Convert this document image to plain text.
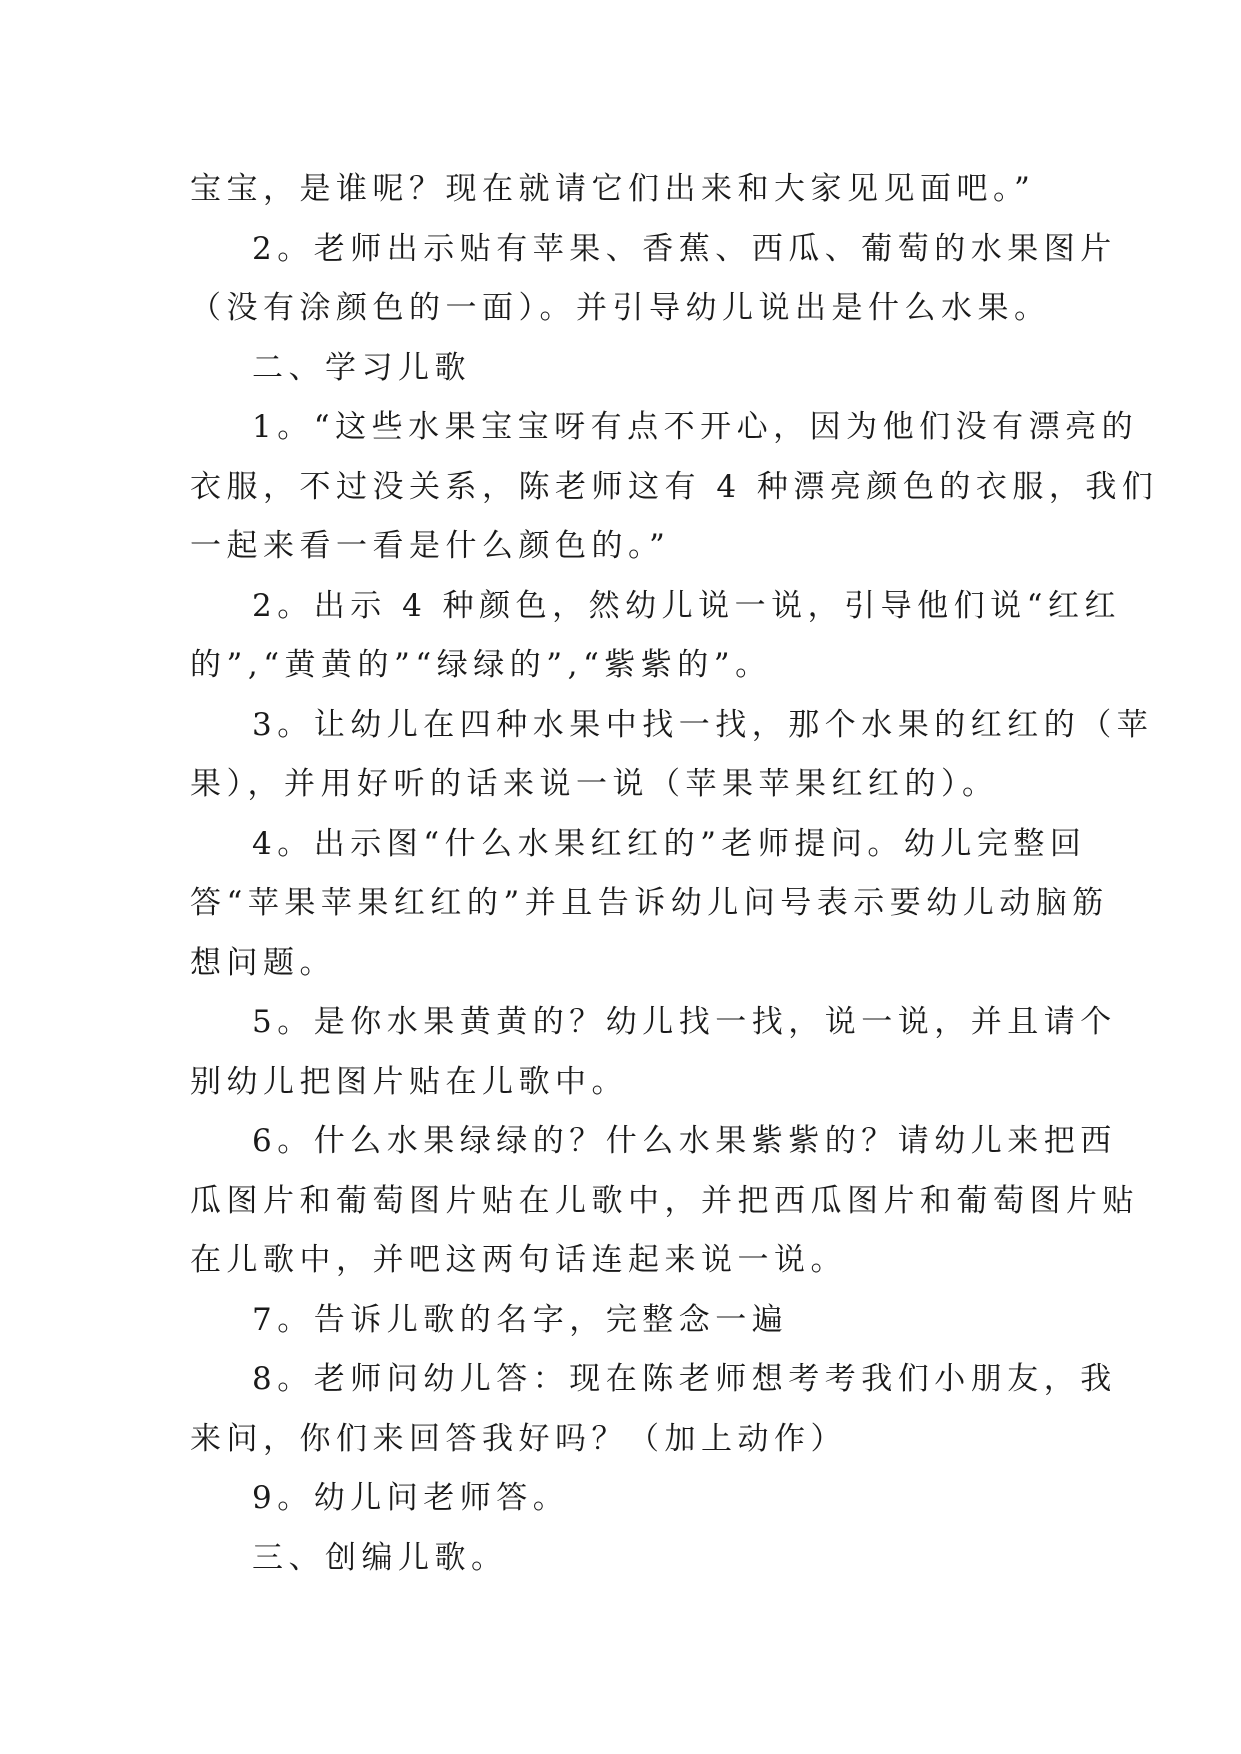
宝宝，是谁呢？现在就请它们出来和大家见见面吧。”
2。老师出示贴有苹果、香蕉、西瓜、葡萄的水果图片
（没有涂颜色的一面）。并引导幼儿说出是什么水果。
二、学习儿歌
1。“这些水果宝宝呀有点不开心，因为他们没有漂亮的
衣服，不过没关系，陈老师这有 4 种漂亮颜色的衣服，我们
一起来看一看是什么颜色的。”
2。出示 4 种颜色，然幼儿说一说，引导他们说“红红
的”,“黄黄的”“绿绿的”,“紫紫的”。
3。让幼儿在四种水果中找一找，那个水果的红红的（苹
果），并用好听的话来说一说（苹果苹果红红的）。
4。出示图“什么水果红红的”老师提问。幼儿完整回
答“苹果苹果红红的”并且告诉幼儿问号表示要幼儿动脑筋
想问题。
5。是你水果黄黄的？幼儿找一找，说一说，并且请个
别幼儿把图片贴在儿歌中。
6。什么水果绿绿的？什么水果紫紫的？请幼儿来把西
瓜图片和葡萄图片贴在儿歌中，并把西瓜图片和葡萄图片贴
在儿歌中，并吧这两句话连起来说一说。
7。告诉儿歌的名字，完整念一遍
8。老师问幼儿答：现在陈老师想考考我们小朋友，我
来问，你们来回答我好吗？（加上动作）
9。幼儿问老师答。
三、创编儿歌。
